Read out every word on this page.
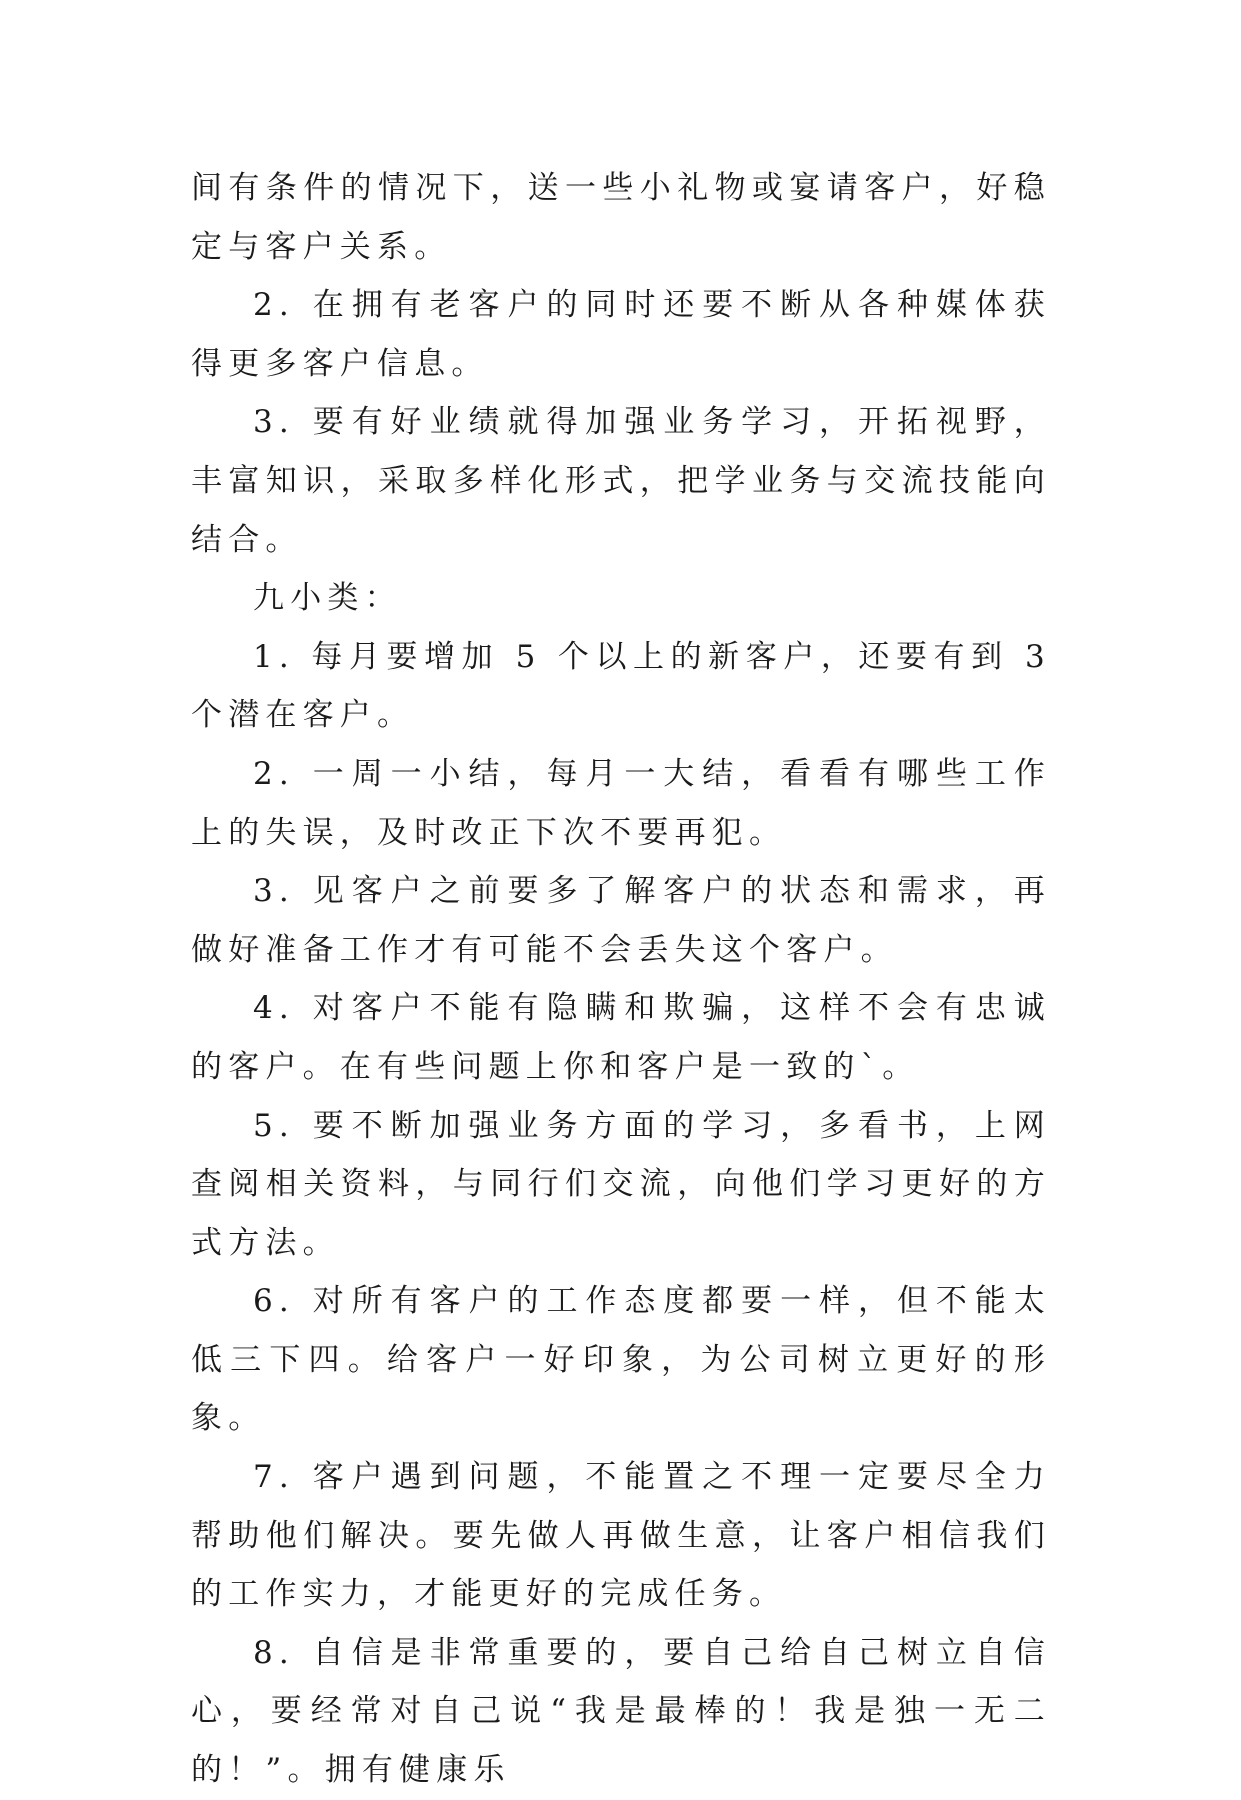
间有条件的情况下，送一些小礼物或宴请客户，好稳定与客户关系。

2. 在拥有老客户的同时还要不断从各种媒体获得更多客户信息。

3. 要有好业绩就得加强业务学习，开拓视野，丰富知识，采取多样化形式，把学业务与交流技能向结合。

九小类：

1. 每月要增加 5 个以上的新客户，还要有到 3 个潜在客户。

2. 一周一小结，每月一大结，看看有哪些工作上的失误，及时改正下次不要再犯。

3. 见客户之前要多了解客户的状态和需求，再做好准备工作才有可能不会丢失这个客户。

4. 对客户不能有隐瞒和欺骗，这样不会有忠诚的客户。在有些问题上你和客户是一致的`。

5. 要不断加强业务方面的学习，多看书，上网查阅相关资料，与同行们交流，向他们学习更好的方式方法。

6. 对所有客户的工作态度都要一样，但不能太低三下四。给客户一好印象，为公司树立更好的形象。

7. 客户遇到问题，不能置之不理一定要尽全力帮助他们解决。要先做人再做生意，让客户相信我们的工作实力，才能更好的完成任务。

8. 自信是非常重要的，要自己给自己树立自信心，要经常对自己说“我是最棒的！我是独一无二的！”。拥有健康乐
